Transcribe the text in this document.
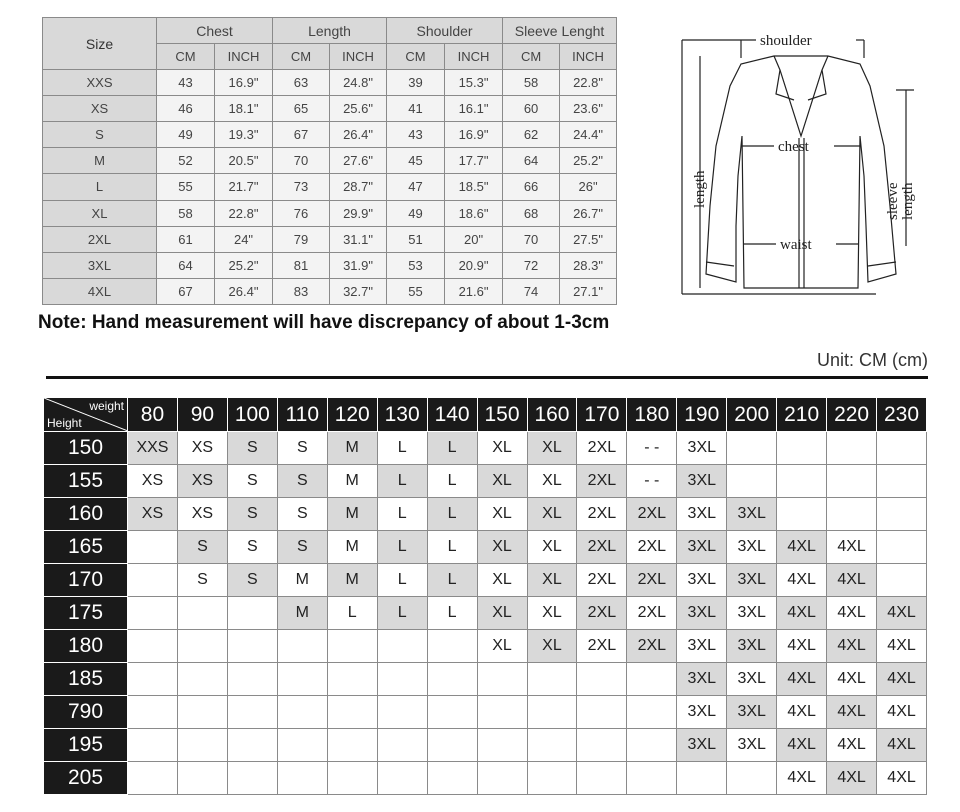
Size	Chest		Length		Shoulder		Sleeve Lenght	
	CM	INCH	CM	INCH	CM	INCH	CM	INCH
XXS	43	16.9"	63	24.8"	39	15.3"	58	22.8"
XS	46	18.1"	65	25.6"	41	16.1"	60	23.6"
S	49	19.3"	67	26.4"	43	16.9"	62	24.4"
M	52	20.5"	70	27.6"	45	17.7"	64	25.2"
L	55	21.7"	73	28.7"	47	18.5"	66	26"
XL	58	22.8"	76	29.9"	49	18.6"	68	26.7"
2XL	61	24"	79	31.1"	51	20"	70	27.5"
3XL	64	25.2"	81	31.9"	53	20.9"	72	28.3"
4XL	67	26.4"	83	32.7"	55	21.6"	74	27.1"
shoulder
chest
waist
length	sleeve length
Note: Hand measurement will have discrepancy of about 1-3cm
Unit: CM (cm)
weight
Height	80	90	100	110	120	130	140	150	160	170	180	190	200	210	220	230
150	XXS	XS	S	S	M	L	L	XL	XL	2XL	- -	3XL				
155	XS	XS	S	S	M	L	L	XL	XL	2XL	- -	3XL				
160	XS	XS	S	S	M	L	L	XL	XL	2XL	2XL	3XL	3XL			
165		S	S	S	M	L	L	XL	XL	2XL	2XL	3XL	3XL	4XL	4XL	
170		S	S	M	M	L	L	XL	XL	2XL	2XL	3XL	3XL	4XL	4XL	
175				M	L	L	L	XL	XL	2XL	2XL	3XL	3XL	4XL	4XL	4XL
180								XL	XL	2XL	2XL	3XL	3XL	4XL	4XL	4XL
185												3XL	3XL	4XL	4XL	4XL
790												3XL	3XL	4XL	4XL	4XL
195												3XL	3XL	4XL	4XL	4XL
205														4XL	4XL	4XL
